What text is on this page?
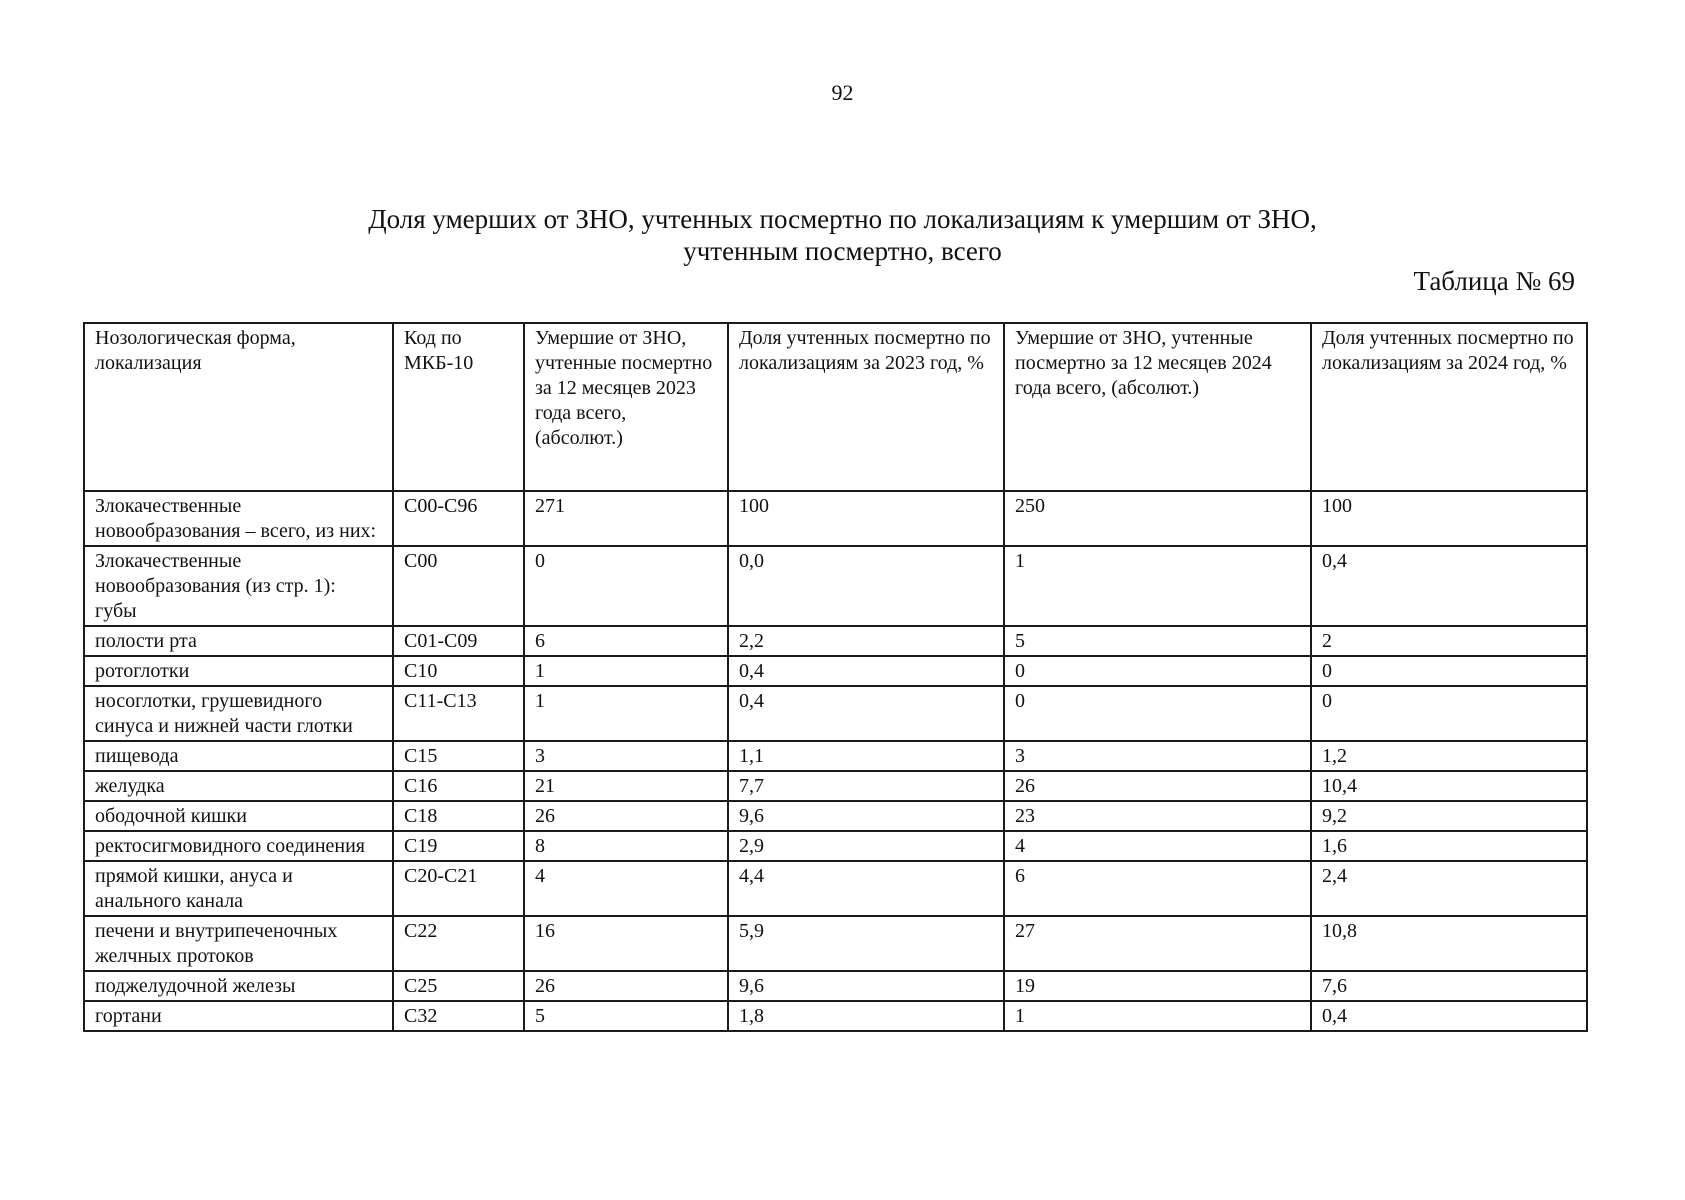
92
Доля умерших от ЗНО, учтенных посмертно по локализациям к умершим от ЗНО,
учтенным посмертно, всего
Таблица № 69
Нозологическая форма, локализация	Код по МКБ-10	Умершие от ЗНО, учтенные посмертно за 12 месяцев 2023 года всего, (абсолют.)	Доля учтенных посмертно по локализациям за 2023 год, %	Умершие от ЗНО, учтенные посмертно за 12 месяцев 2024 года всего, (абсолют.)	Доля учтенных посмертно по локализациям за 2024 год, %
Злокачественные новообразования – всего, из них:	С00-С96	271	100	250	100
Злокачественные новообразования (из стр. 1): губы	С00	0	0,0	1	0,4
полости рта	С01-С09	6	2,2	5	2
ротоглотки	С10	1	0,4	0	0
носоглотки, грушевидного синуса и нижней части глотки	С11-С13	1	0,4	0	0
пищевода	С15	3	1,1	3	1,2
желудка	С16	21	7,7	26	10,4
ободочной кишки	С18	26	9,6	23	9,2
ректосигмовидного соединения	С19	8	2,9	4	1,6
прямой кишки, ануса и анального канала	С20-С21	4	4,4	6	2,4
печени и внутрипеченочных желчных протоков	С22	16	5,9	27	10,8
поджелудочной железы	С25	26	9,6	19	7,6
гортани	С32	5	1,8	1	0,4
